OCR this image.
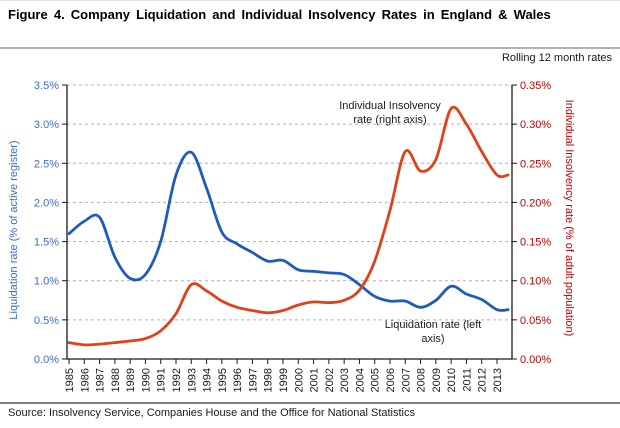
Figure 4. Company Liquidation and Individual Insolvency Rates in England & Wales
Rolling 12 month rates
0.0%
0.5%
1.0%
1.5%
2.0%
2.5%
3.0%
3.5%
0.00%
0.05%
0.10%
0.15%
0.20%
0.25%
0.30%
0.35%
1985 1986 1987 1988 1989 1990 1991 1992 1993 1994 1995 1996 1997 1998 1999 2000 2001 2002 2003 2004 2005 2006 2007 2008 2009 2010 2011 2012 2013
Liquidation rate (% of active register)	Individual Insolvency rate (% of adult population)
Individual Insolvency
rate (right axis)
Liquidation rate (left
axis)
Source: Insolvency Service, Companies House and the Office for National Statistics
